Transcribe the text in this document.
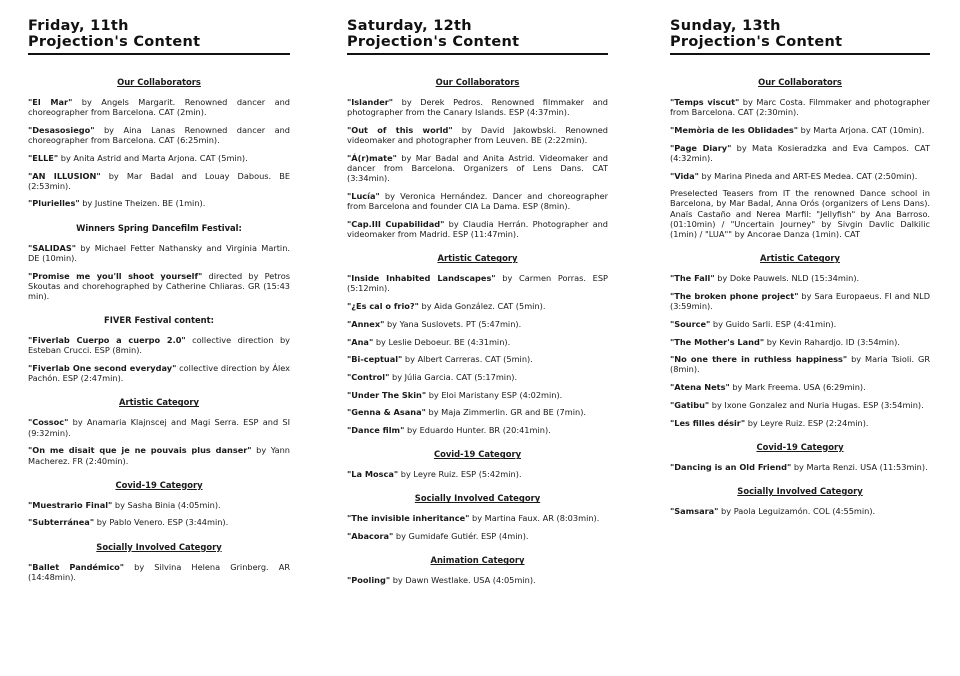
Friday, 11th
Projection's Content
Our Collaborators
"El Mar" by Angels Margarit. Renowned dancer and choreographer from Barcelona. CAT (2min).
"Desasosiego" by Aina Lanas Renowned dancer and choreographer from Barcelona. CAT (6:25min).
"ELLE" by Anita Astrid and Marta Arjona. CAT (5min).
"AN ILLUSION" by Mar Badal and Louay Dabous. BE (2:53min).
"Plurielles" by Justine Theizen. BE (1min).
Winners Spring Dancefilm Festival:
"SALIDAS" by Michael Fetter Nathansky and Virginia Martin. DE (10min).
"Promise me you'll shoot yourself" directed by Petros Skoutas and chorehographed by Catherine Chliaras. GR (15:43 min).
FIVER Festival content:
"Fiverlab Cuerpo a cuerpo 2.0" collective direction by Esteban Crucci. ESP (8min).
"Fiverlab One second everyday" collective direction by Álex Pachón. ESP (2:47min).
Artistic Category
"Cossoc" by Anamaria Klajnscej and Magi Serra. ESP and SI (9:32min).
"On me disait que je ne pouvais plus danser" by Yann Macherez. FR (2:40min).
Covid-19 Category
"Muestrario Final" by Sasha Binia (4:05min).
"Subterránea" by Pablo Venero. ESP (3:44min).
Socially Involved Category
"Ballet Pandémico" by Silvina Helena Grinberg. AR (14:48min).
Saturday, 12th
Projection's Content
Our Collaborators
"Islander" by Derek Pedros. Renowned filmmaker and photographer from the Canary Islands. ESP (4:37min).
"Out of this world" by David Jakowbski. Renowned videomaker and photographer from Leuven. BE (2:22min).
"Á(r)mate" by Mar Badal and Anita Astrid. Videomaker and dancer from Barcelona. Organizers of Lens Dans. CAT (3:34min).
"Lucía" by Veronica Hernández. Dancer and choreographer from Barcelona and founder CIA La Dama. ESP (8min).
"Cap.III Cupabilidad" by Claudia Herrán. Photographer and videomaker from Madrid. ESP (11:47min).
Artistic Category
"Inside Inhabited Landscapes" by Carmen Porras. ESP (5:12min).
"¿Es cal o frio?" by Aida González. CAT (5min).
"Annex" by Yana Suslovets. PT (5:47min).
"Ana" by Leslie Deboeur. BE (4:31min).
"Bi-ceptual" by Albert Carreras. CAT (5min).
"Control" by Júlia Garcia. CAT (5:17min).
"Under The Skin" by Eloi Maristany ESP (4:02min).
"Genna & Asana" by Maja Zimmerlin. GR and BE (7min).
"Dance film" by Eduardo Hunter. BR (20:41min).
Covid-19 Category
"La Mosca" by Leyre Ruiz. ESP (5:42min).
Socially Involved Category
"The invisible inheritance" by Martina Faux. AR (8:03min).
"Abacora" by Gumidafe Gutiér. ESP (4min).
Animation Category
"Pooling" by Dawn Westlake. USA (4:05min).
Sunday, 13th
Projection's Content
Our Collaborators
"Temps viscut" by Marc Costa. Filmmaker and photographer from Barcelona. CAT (2:30min).
"Memòria de les Oblidades" by Marta Arjona. CAT (10min).
"Page Diary" by Mata Kosieradzka and Eva Campos. CAT (4:32min).
"Vida" by Marina Pineda and ART-ES Medea. CAT (2:50min).
Preselected Teasers from IT the renowned Dance school in Barcelona, by Mar Badal, Anna Orós (organizers of Lens Dans). Anaïs Castaño and Nerea Marfil: "Jellyfish" by Ana Barroso. (01:10min) / "Uncertain Journey" by Sivgin Davlic Dalkilic (1min) / "LUA"" by Ancorae Danza (1min). CAT
Artistic Category
"The Fall" by Doke Pauwels. NLD (15:34min).
"The broken phone project" by Sara Europaeus. FI and NLD (3:59min).
"Source" by Guido Sarli. ESP (4:41min).
"The Mother's Land" by Kevin Rahardjo. ID (3:54min).
"No one there in ruthless happiness" by Maria Tsioli. GR (8min).
"Atena Nets" by Mark Freema. USA (6:29min).
"Gatibu" by Ixone Gonzalez and Nuria Hugas. ESP (3:54min).
"Les filles désir" by Leyre Ruiz. ESP (2:24min).
Covid-19 Category
"Dancing is an Old Friend" by Marta Renzi. USA (11:53min).
Socially Involved Category
"Samsara" by Paola Leguizamón. COL (4:55min).
